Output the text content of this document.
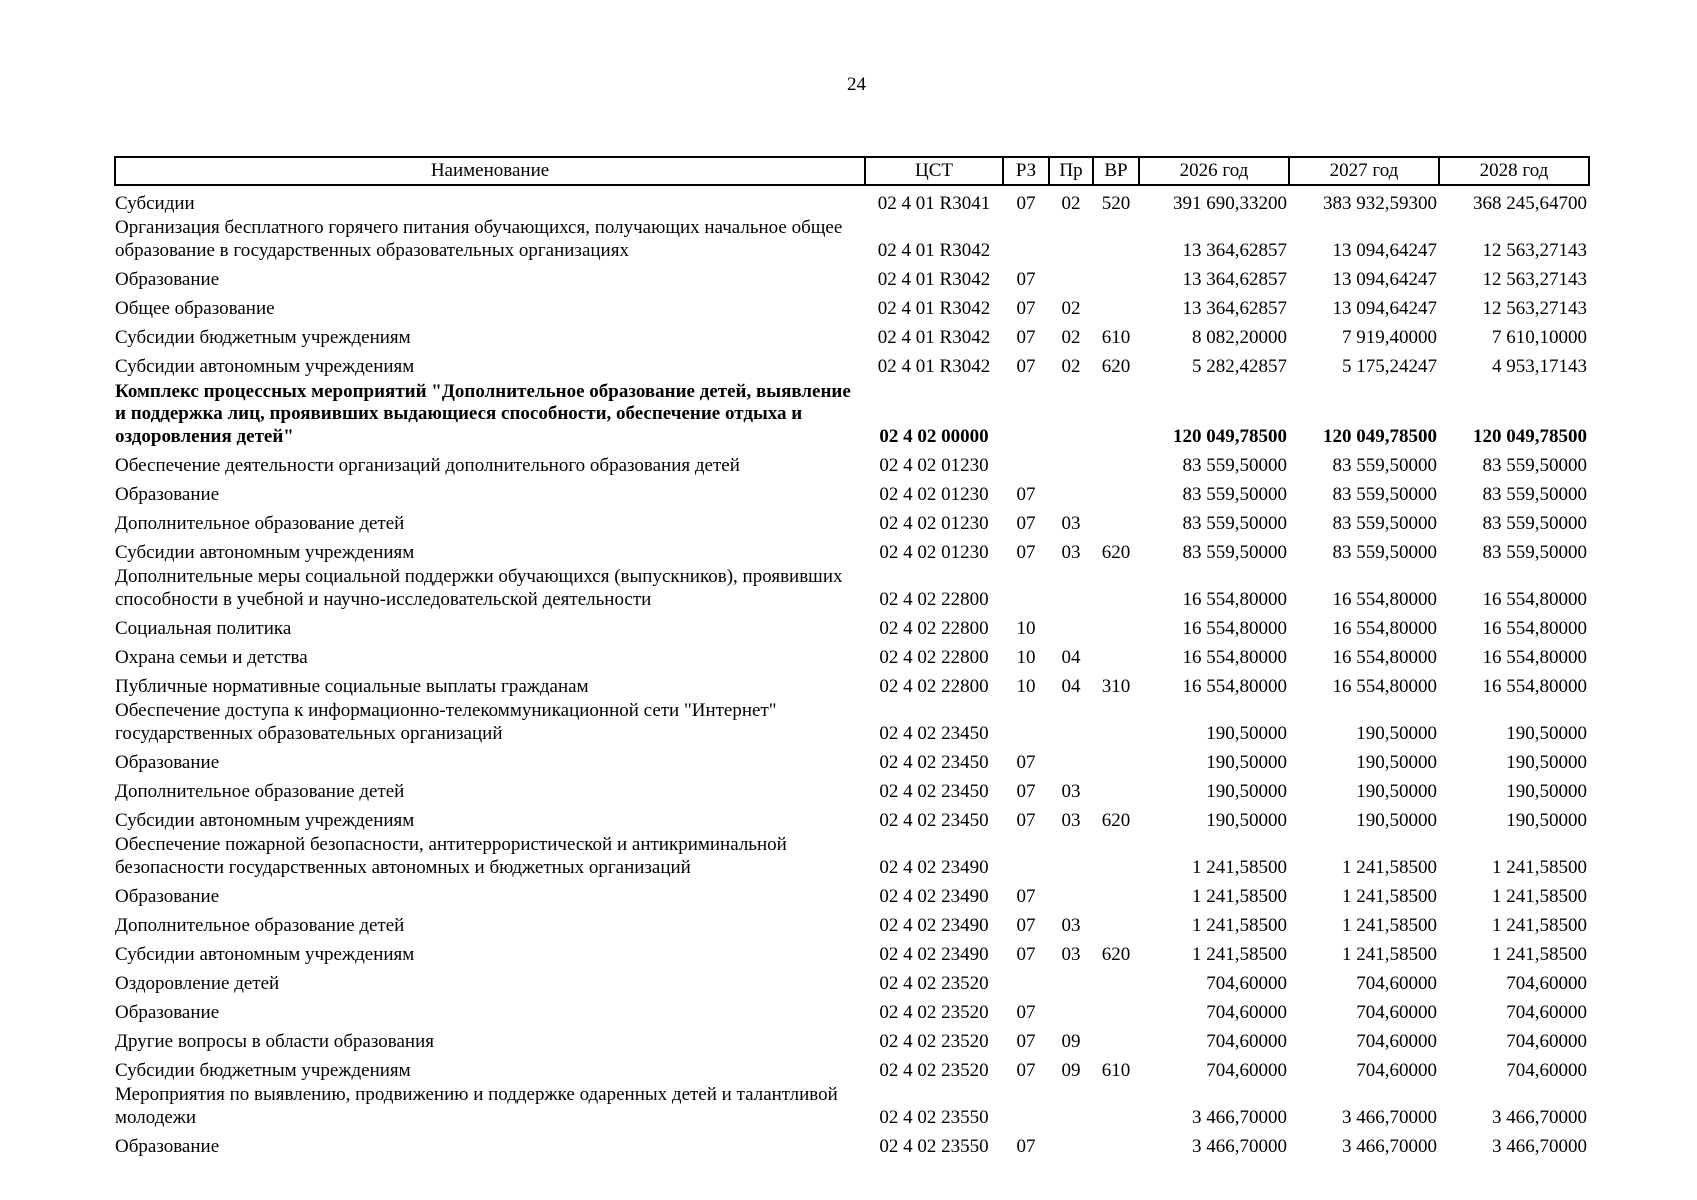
24
Наименование	ЦСТ	РЗ	Пр	ВР	2026 год	2027 год	2028 год
Субсидии	02 4 01 R3041	07	02	520	391 690,33200	383 932,59300	368 245,64700
Организация бесплатного горячего питания обучающихся, получающих начальное общее образование в государственных образовательных организациях	02 4 01 R3042				13 364,62857	13 094,64247	12 563,27143
Образование	02 4 01 R3042	07			13 364,62857	13 094,64247	12 563,27143
Общее образование	02 4 01 R3042	07	02		13 364,62857	13 094,64247	12 563,27143
Субсидии бюджетным учреждениям	02 4 01 R3042	07	02	610	8 082,20000	7 919,40000	7 610,10000
Субсидии автономным учреждениям	02 4 01 R3042	07	02	620	5 282,42857	5 175,24247	4 953,17143
Комплекс процессных мероприятий "Дополнительное образование детей, выявление и поддержка лиц, проявивших выдающиеся способности, обеспечение отдыха и оздоровления детей"	02 4 02 00000				120 049,78500	120 049,78500	120 049,78500
Обеспечение деятельности организаций дополнительного образования детей	02 4 02 01230				83 559,50000	83 559,50000	83 559,50000
Образование	02 4 02 01230	07			83 559,50000	83 559,50000	83 559,50000
Дополнительное образование детей	02 4 02 01230	07	03		83 559,50000	83 559,50000	83 559,50000
Субсидии автономным учреждениям	02 4 02 01230	07	03	620	83 559,50000	83 559,50000	83 559,50000
Дополнительные меры социальной поддержки обучающихся (выпускников), проявивших способности в учебной и научно-исследовательской деятельности	02 4 02 22800				16 554,80000	16 554,80000	16 554,80000
Социальная политика	02 4 02 22800	10			16 554,80000	16 554,80000	16 554,80000
Охрана семьи и детства	02 4 02 22800	10	04		16 554,80000	16 554,80000	16 554,80000
Публичные нормативные социальные выплаты гражданам	02 4 02 22800	10	04	310	16 554,80000	16 554,80000	16 554,80000
Обеспечение доступа к информационно-телекоммуникационной сети "Интернет" государственных образовательных организаций	02 4 02 23450				190,50000	190,50000	190,50000
Образование	02 4 02 23450	07			190,50000	190,50000	190,50000
Дополнительное образование детей	02 4 02 23450	07	03		190,50000	190,50000	190,50000
Субсидии автономным учреждениям	02 4 02 23450	07	03	620	190,50000	190,50000	190,50000
Обеспечение пожарной безопасности, антитеррористической и антикриминальной безопасности государственных автономных и бюджетных организаций	02 4 02 23490				1 241,58500	1 241,58500	1 241,58500
Образование	02 4 02 23490	07			1 241,58500	1 241,58500	1 241,58500
Дополнительное образование детей	02 4 02 23490	07	03		1 241,58500	1 241,58500	1 241,58500
Субсидии автономным учреждениям	02 4 02 23490	07	03	620	1 241,58500	1 241,58500	1 241,58500
Оздоровление детей	02 4 02 23520				704,60000	704,60000	704,60000
Образование	02 4 02 23520	07			704,60000	704,60000	704,60000
Другие вопросы в области образования	02 4 02 23520	07	09		704,60000	704,60000	704,60000
Субсидии бюджетным учреждениям	02 4 02 23520	07	09	610	704,60000	704,60000	704,60000
Мероприятия по выявлению, продвижению и поддержке одаренных детей и талантливой молодежи	02 4 02 23550				3 466,70000	3 466,70000	3 466,70000
Образование	02 4 02 23550	07			3 466,70000	3 466,70000	3 466,70000
